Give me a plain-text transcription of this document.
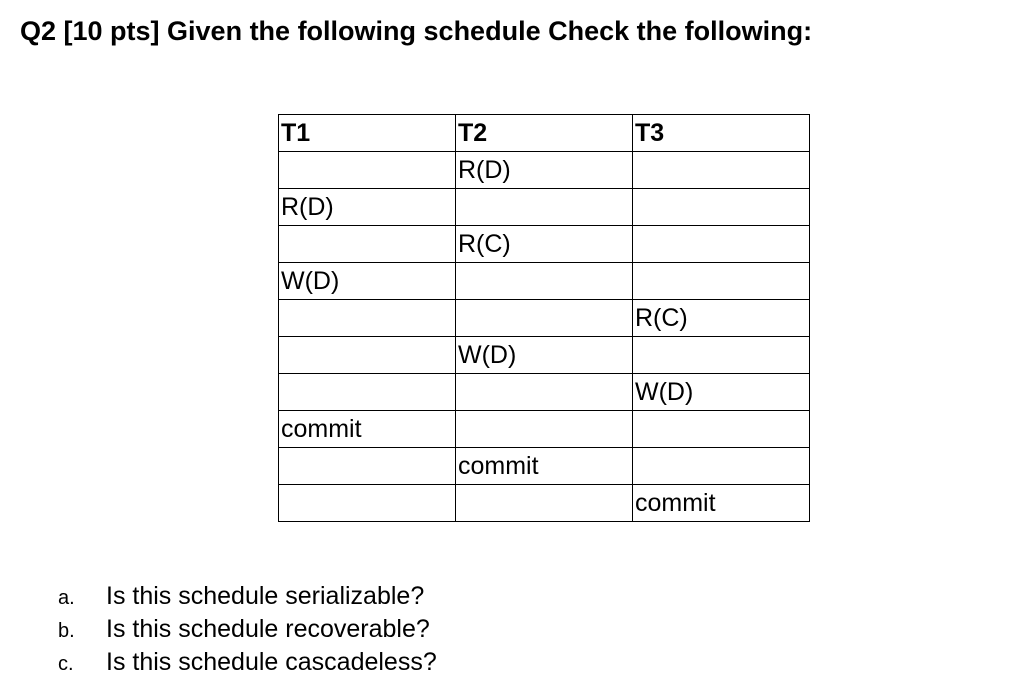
Q2 [10 pts] Given the following schedule Check the following:
T1	T2	T3
	R(D)	
R(D)		
	R(C)	
W(D)		
		R(C)
	W(D)	
		W(D)
commit		
	commit	
		commit
a. Is this schedule serializable?
b. Is this schedule recoverable?
c. Is this schedule cascadeless?
